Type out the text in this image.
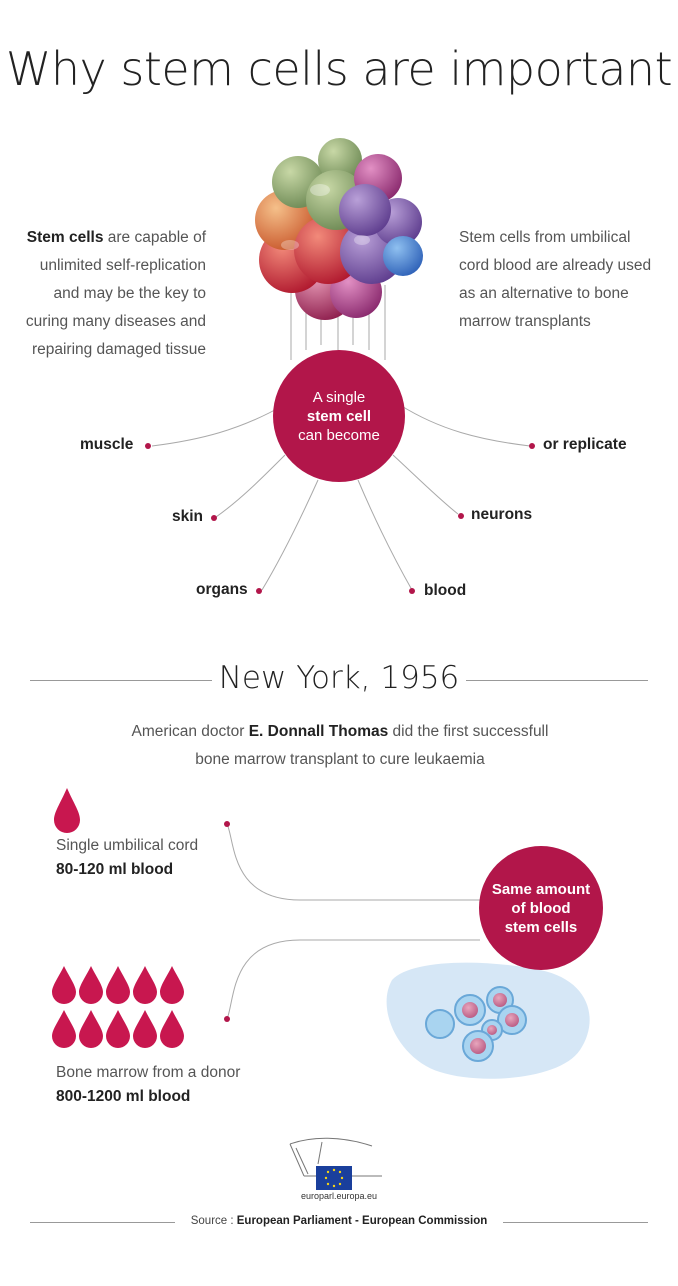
Why stem cells are important
Stem cells are capable of
unlimited self-replication
and may be the key to
curing many diseases and
repairing damaged tissue
Stem cells from umbilical
cord blood are already used
as an alternative to bone
marrow transplants
A single
stem cell
can become
muscle
skin
organs	blood
neurons
or replicate
New York, 1956
American doctor E. Donnall Thomas did the first successfull
bone marrow transplant to cure leukaemia
Single umbilical cord
80-120 ml blood
Bone marrow from a donor
800-1200 ml blood
Same amount
of blood
stem cells
europarl.europa.eu
Source : European Parliament - European Commission
